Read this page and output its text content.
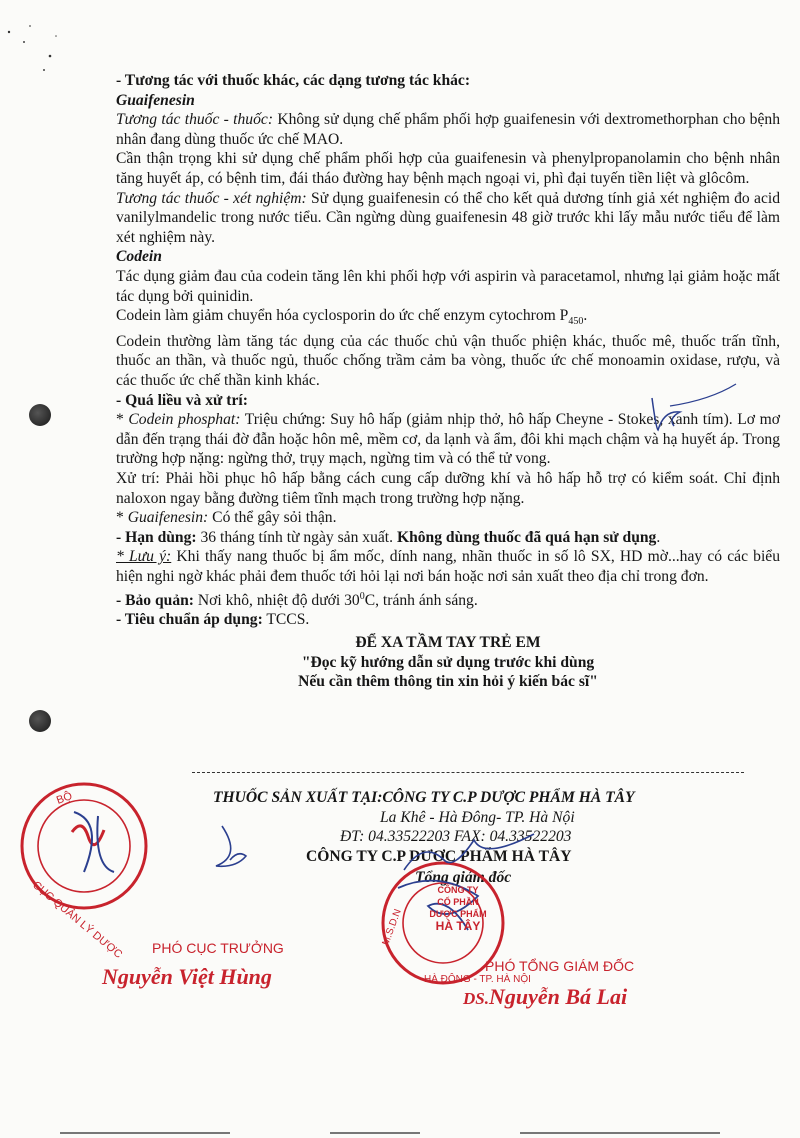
- Tương tác với thuốc khác, các dạng tương tác khác:

Guaifenesin

Tương tác thuốc - thuốc: Không sử dụng chế phẩm phối hợp guaifenesin với dextromethorphan cho bệnh nhân đang dùng thuốc ức chế MAO.

Cần thận trọng khi sử dụng chế phẩm phối hợp của guaifenesin và phenylpropanolamin cho bệnh nhân tăng huyết áp, có bệnh tim, đái tháo đường hay bệnh mạch ngoại vi, phì đại tuyến tiền liệt và glôcôm.

Tương tác thuốc - xét nghiệm: Sử dụng guaifenesin có thể cho kết quả dương tính giả xét nghiệm đo acid vanilylmandelic trong nước tiểu. Cần ngừng dùng guaifenesin 48 giờ trước khi lấy mẫu nước tiểu để làm xét nghiệm này.

Codein

Tác dụng giảm đau của codein tăng lên khi phối hợp với aspirin và paracetamol, nhưng lại giảm hoặc mất tác dụng bởi quinidin.

Codein làm giảm chuyển hóa cyclosporin do ức chế enzym cytochrom $P_{450}$.

Codein thường làm tăng tác dụng của các thuốc chủ vận thuốc phiện khác, thuốc mê, thuốc trấn tĩnh, thuốc an thần, và thuốc ngủ, thuốc chống trầm cảm ba vòng, thuốc ức chế monoamin oxidase, rượu, và các thuốc ức chế thần kinh khác.

- Quá liều và xử trí:

* Codein phosphat: Triệu chứng: Suy hô hấp (giảm nhịp thở, hô hấp Cheyne - Stokes, xanh tím). Lơ mơ dẫn đến trạng thái đờ đẫn hoặc hôn mê, mềm cơ, da lạnh và ẩm, đôi khi mạch chậm và hạ huyết áp. Trong trường hợp nặng: ngừng thở, trụy mạch, ngừng tim và có thể tử vong.

Xử trí: Phải hồi phục hô hấp bằng cách cung cấp dưỡng khí và hô hấp hỗ trợ có kiểm soát. Chỉ định naloxon ngay bằng đường tiêm tĩnh mạch trong trường hợp nặng.

* Guaifenesin: Có thể gây sỏi thận.

- Hạn dùng: 36 tháng tính từ ngày sản xuất. Không dùng thuốc đã quá hạn sử dụng.

* Lưu ý: Khi thấy nang thuốc bị ẩm mốc, dính nang, nhãn thuốc in số lô SX, HD mờ...hay có các biểu hiện nghi ngờ khác phải đem thuốc tới hỏi lại nơi bán hoặc nơi sản xuất theo địa chỉ trong đơn.

- Bảo quản: Nơi khô, nhiệt độ dưới $30^0C$, tránh ánh sáng.

- Tiêu chuẩn áp dụng: TCCS.

ĐỂ XA TẦM TAY TRẺ EM

"Đọc kỹ hướng dẫn sử dụng trước khi dùng

Nếu cần thêm thông tin xin hỏi ý kiến bác sĩ"

THUỐC SẢN XUẤT TẠI:CÔNG TY C.P DƯỢC PHẨM HÀ TÂY
La Khê - Hà Đông- TP. Hà Nội
ĐT: 04.33522203 FAX: 04.33522203
CÔNG TY C.P DƯỢC PHẨM HÀ TÂY
Tổng giám đốc
BỘ
CỤC QUẢN LÝ DƯỢC	M.S.D.N
HÀ ĐÔNG - TP. HÀ NỘI
CÔNG TY
CỔ PHẦN
DƯỢC PHẨM
HÀ TÂY
PHÓ CỤC TRƯỞNG
Nguyễn Việt Hùng	PHÓ TỔNG GIÁM ĐỐC
DS.Nguyễn Bá Lai
